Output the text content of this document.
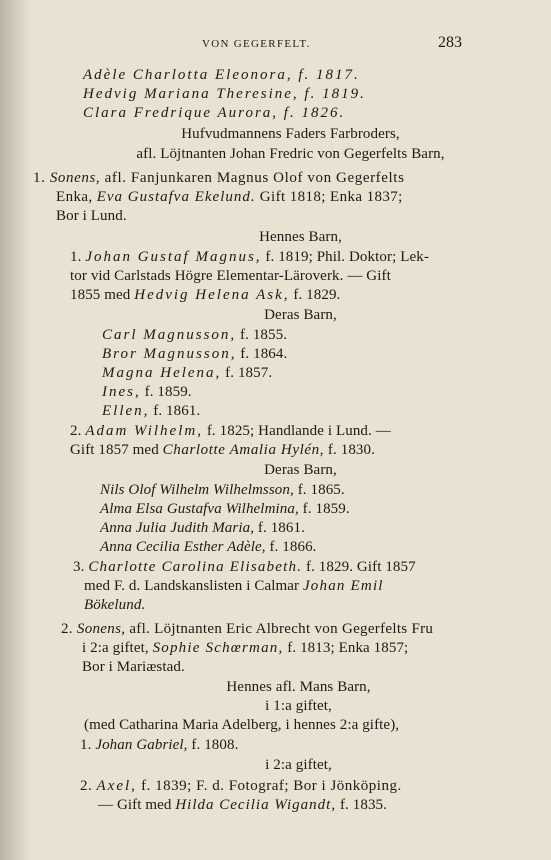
VON GEGERFELT.	283
Adèle Charlotta Eleonora, f. 1817.
Hedvig Mariana Theresine, f. 1819.
Clara Fredrique Aurora, f. 1826.
Hufvudmannens Faders Farbroders,
afl. Löjtnanten Johan Fredric von Gegerfelts Barn,
1. Sonens, afl. Fanjunkaren Magnus Olof von Gegerfelts
Enka, Eva Gustafva Ekelund. Gift 1818; Enka 1837;
Bor i Lund.
Hennes Barn,
1. Johan Gustaf Magnus, f. 1819; Phil. Doktor; Lek-
tor vid Carlstads Högre Elementar-Läroverk. — Gift
1855 med Hedvig Helena Ask, f. 1829.
Deras Barn,
Carl Magnusson, f. 1855.
Bror Magnusson, f. 1864.
Magna Helena, f. 1857.
Ines, f. 1859.
Ellen, f. 1861.
2. Adam Wilhelm, f. 1825; Handlande i Lund. —
Gift 1857 med Charlotte Amalia Hylén, f. 1830.
Deras Barn,
Nils Olof Wilhelm Wilhelmsson, f. 1865.
Alma Elsa Gustafva Wilhelmina, f. 1859.
Anna Julia Judith Maria, f. 1861.
Anna Cecilia Esther Adèle, f. 1866.
3. Charlotte Carolina Elisabeth. f. 1829. Gift 1857
med F. d. Landskanslisten i Calmar Johan Emil
Bökelund.
2. Sonens, afl. Löjtnanten Eric Albrecht von Gegerfelts Fru
i 2:a giftet, Sophie Schœrman, f. 1813; Enka 1857;
Bor i Mariæstad.
Hennes afl. Mans Barn,
i 1:a giftet,
(med Catharina Maria Adelberg, i hennes 2:a gifte),
1. Johan Gabriel, f. 1808.
i 2:a giftet,
2. Axel, f. 1839; F. d. Fotograf; Bor i Jönköping.
— Gift med Hilda Cecilia Wigandt, f. 1835.
